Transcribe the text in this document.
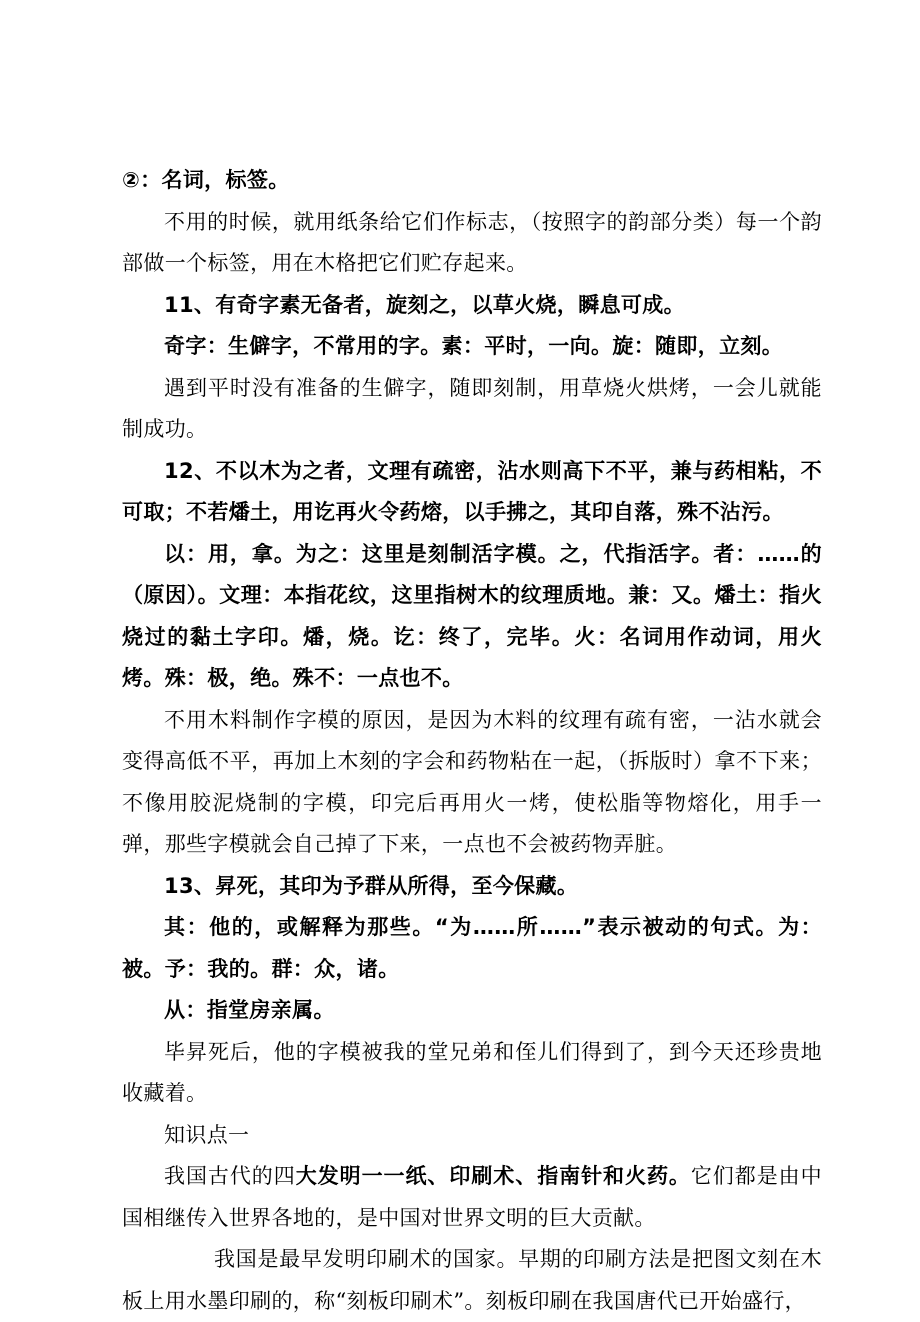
②：名词，标签。

不用的时候，就用纸条给它们作标志，（按照字的韵部分类）每一个韵部做一个标签，用在木格把它们贮存起来。

11、有奇字素无备者，旋刻之，以草火烧，瞬息可成。

奇字：生僻字，不常用的字。素：平时，一向。旋：随即，立刻。

遇到平时没有准备的生僻字，随即刻制，用草烧火烘烤，一会儿就能制成功。

12、不以木为之者，文理有疏密，沾水则高下不平，兼与药相粘，不可取；不若燔土，用讫再火令药熔，以手拂之，其印自落，殊不沾污。

以：用，拿。为之：这里是刻制活字模。之，代指活字。者：……的（原因）。文理：本指花纹，这里指树木的纹理质地。兼：又。燔土：指火烧过的黏土字印。燔，烧。讫：终了，完毕。火：名词用作动词，用火烤。殊：极，绝。殊不：一点也不。

不用木料制作字模的原因，是因为木料的纹理有疏有密，一沾水就会变得高低不平，再加上木刻的字会和药物粘在一起，（拆版时）拿不下来；不像用胶泥烧制的字模，印完后再用火一烤，使松脂等物熔化，用手一弹，那些字模就会自己掉了下来，一点也不会被药物弄脏。

13、昇死，其印为予群从所得，至今保藏。

其：他的，或解释为那些。“为……所……”表示被动的句式。为：被。予：我的。群：众，诸。

从：指堂房亲属。

毕昇死后，他的字模被我的堂兄弟和侄儿们得到了，到今天还珍贵地收藏着。

知识点一

我国古代的四大发明一一纸、印刷术、指南针和火药。它们都是由中国相继传入世界各地的，是中国对世界文明的巨大贡献。

我国是最早发明印刷术的国家。早期的印刷方法是把图文刻在木板上用水墨印刷的，称“刻板印刷术”。刻板印刷在我国唐代已开始盛行，
